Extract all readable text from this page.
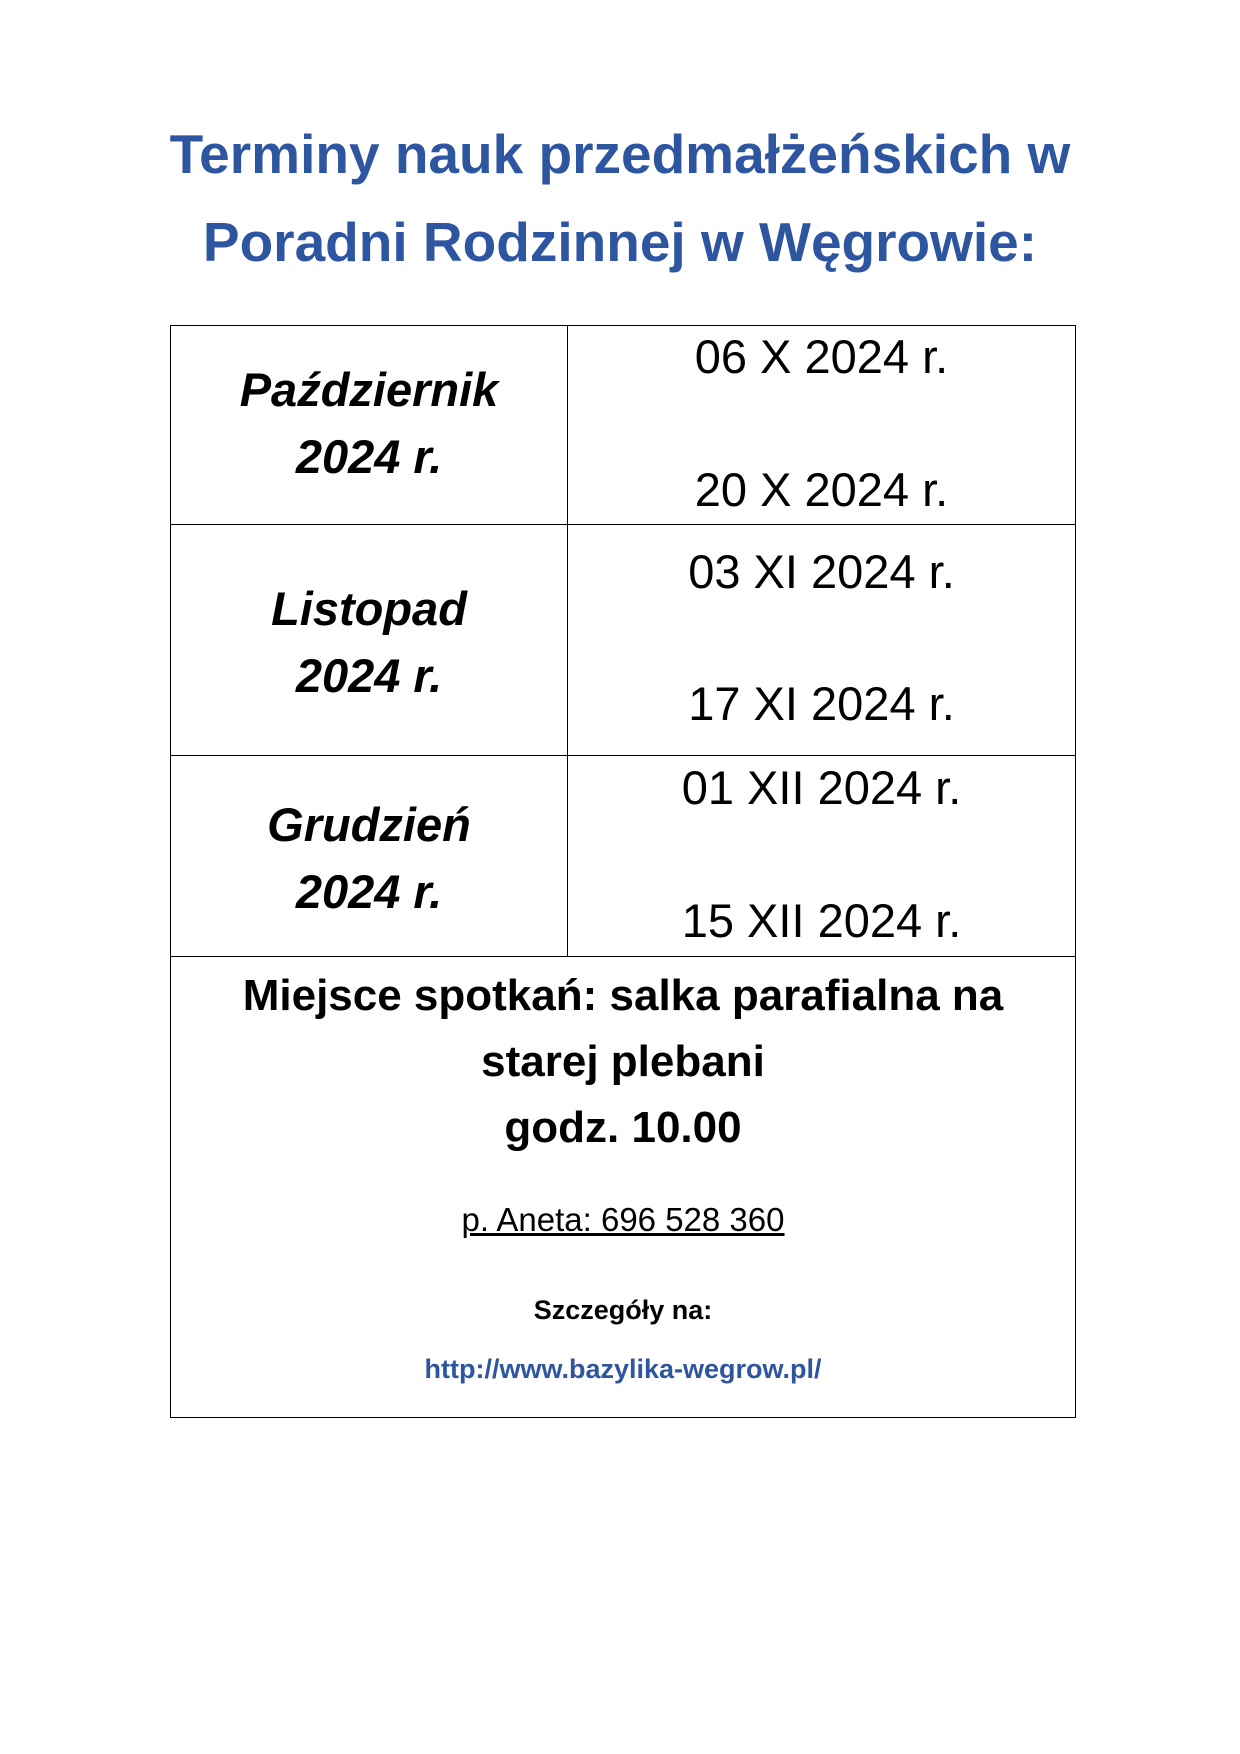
Terminy nauk przedmałżeńskich w
Poradni Rodzinnej w Węgrowie:
Październik
2024 r.
06 X 2024 r.
20 X 2024 r.
Listopad
2024 r.
03 XI 2024 r.
17 XI 2024 r.
Grudzień
2024 r.
01 XII 2024 r.
15 XII 2024 r.
Miejsce spotkań: salka parafialna na
starej plebani
godz. 10.00
p. Aneta: 696 528 360
Szczegóły na:
http://www.bazylika-wegrow.pl/
